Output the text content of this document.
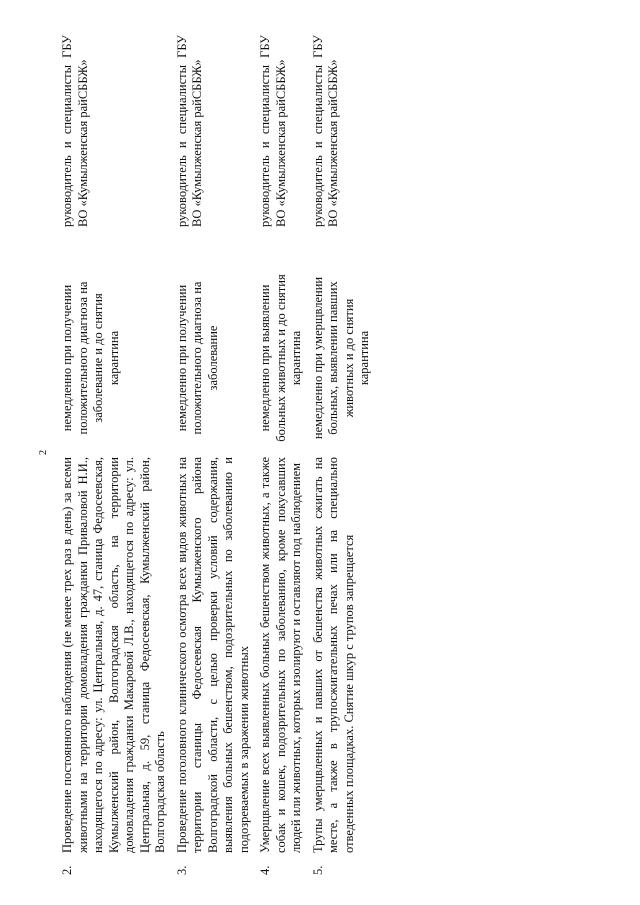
2
2.
Проведение постоянного наблюдения (не менее трех раз в день) за всеми животными на территории домовладения гражданки Приваловой Н.И., находящегося по адресу: ул. Центральная, д. 47, станица Федосеевская, Кумылженский район, Волгоградская область, на территории домовладения гражданки Макаровой Л.В., находящегося по адресу: ул. Центральная, д. 59, станица Федосеевская, Кумылженский район, Волгоградская область
немедленно при получении положительного диагноза на заболевание и до снятия карантина
руководитель и специалисты ГБУ ВО «Кумылженская райСББЖ»
3.
Проведение поголовного клинического осмотра всех видов животных на территории станицы Федосеевская Кумылженского района Волгоградской области, с целью проверки условий содержания, выявления больных бешенством, подозрительных по заболеванию и подозреваемых в заражении животных
немедленно при получении положительного диагноза на заболевание
руководитель и специалисты ГБУ ВО «Кумылженская райСББЖ»
4.
Умерщвление всех выявленных больных бешенством животных, а также собак и кошек, подозрительных по заболеванию, кроме покусавших людей или животных, которых изолируют и оставляют под наблюдением
немедленно при выявлении больных животных и до снятия карантина
руководитель и специалисты ГБУ ВО «Кумылженская райСББЖ»
5.
Трупы умерщвленных и павших от бешенства животных сжигать на месте, а также в трупосжигательных печах или на специально отведенных площадках. Снятие шкур с трупов запрещается
немедленно при умерщвлении больных, выявлении павших животных и до снятия карантина
руководитель и специалисты ГБУ ВО «Кумылженская райСББЖ»
